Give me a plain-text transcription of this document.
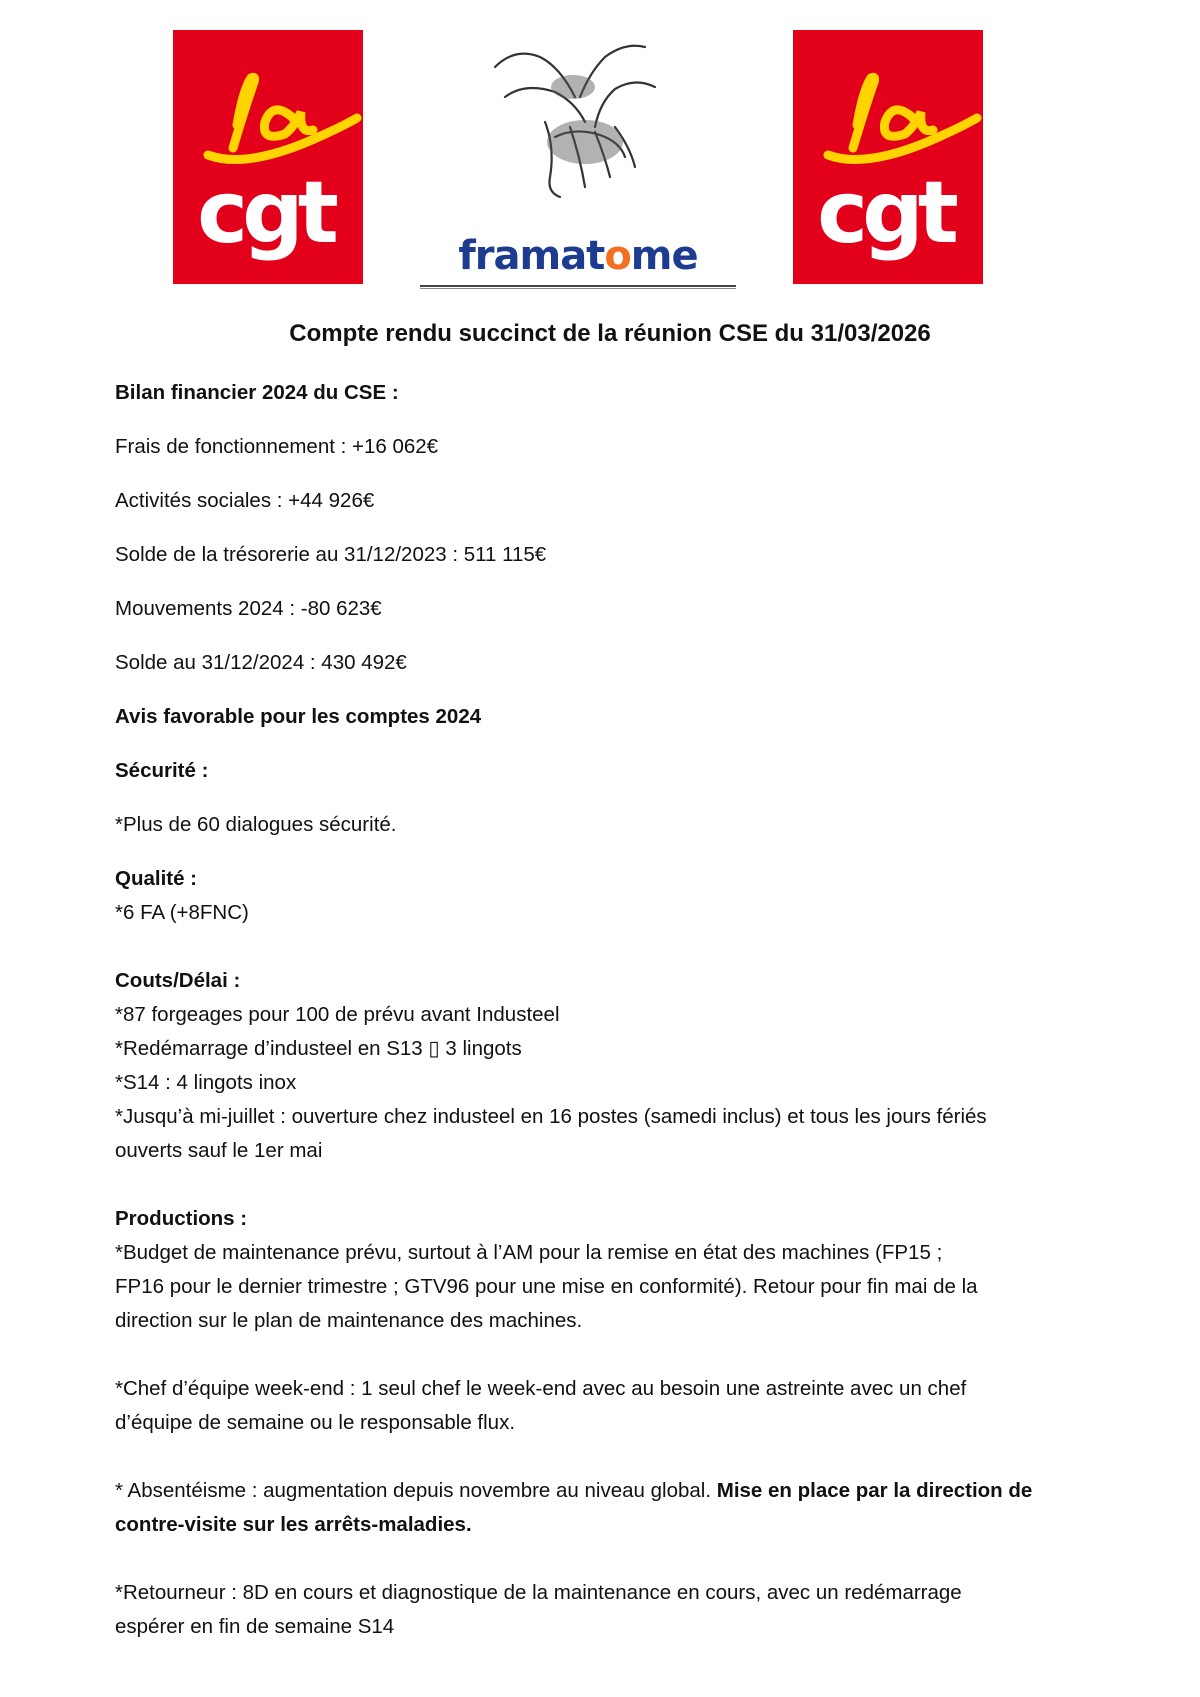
cgt	framatome	cgt
Compte rendu succinct de la réunion CSE du 31/03/2026

Bilan financier 2024 du CSE :

Frais de fonctionnement : +16 062€

Activités sociales : +44 926€

Solde de la trésorerie au 31/12/2023 : 511 115€

Mouvements 2024 : -80 623€

Solde au 31/12/2024 : 430 492€

Avis favorable pour les comptes 2024

Sécurité :

*Plus de 60 dialogues sécurité.

Qualité :

*6 FA (+8FNC)

Couts/Délai :

*87 forgeages pour 100 de prévu avant Industeel

*Redémarrage d’industeel en S13 ▯ 3 lingots

*S14 : 4 lingots inox

*Jusqu’à mi-juillet : ouverture chez industeel en 16 postes (samedi inclus) et tous les jours fériés

ouverts sauf le 1er mai

Productions :

*Budget de maintenance prévu, surtout à l’AM pour la remise en état des machines (FP15 ;

FP16 pour le dernier trimestre ; GTV96 pour une mise en conformité). Retour pour fin mai de la

direction sur le plan de maintenance des machines.

*Chef d’équipe week-end : 1 seul chef le week-end avec au besoin une astreinte avec un chef

d’équipe de semaine ou le responsable flux.

* Absentéisme : augmentation depuis novembre au niveau global. Mise en place par la direction de

contre-visite sur les arrêts-maladies.

*Retourneur : 8D en cours et diagnostique de la maintenance en cours, avec un redémarrage

espérer en fin de semaine S14
